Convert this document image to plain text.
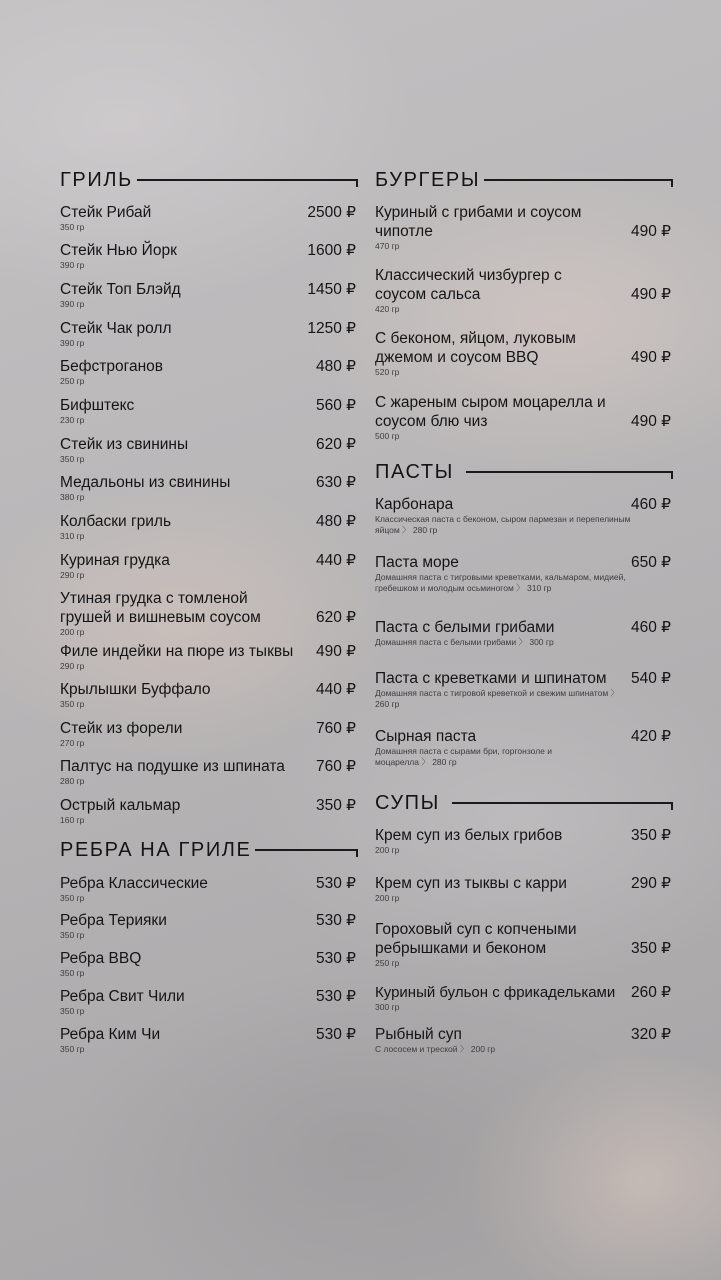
ГРИЛЬ
Стейк Рибай
350 гр
2500 ₽
Стейк Нью Йорк
390 гр
1600 ₽
Стейк Топ Блэйд
390 гр
1450 ₽
Стейк Чак ролл
390 гр
1250 ₽
Бефстроганов
250 гр
480 ₽
Бифштекс
230 гр
560 ₽
Стейк из свинины
350 гр
620 ₽
Медальоны из свинины
380 гр
630 ₽
Колбаски гриль
310 гр
480 ₽
Куриная грудка
290 гр
440 ₽
Утиная грудка с томленой грушей и вишневым соусом
200 гр
620 ₽
Филе индейки на пюре из тыквы
290 гр
490 ₽
Крылышки Буффало
350 гр
440 ₽
Стейк из форели
270 гр
760 ₽
Палтус на подушке из шпината
280 гр
760 ₽
Острый кальмар
160 гр
350 ₽
РЕБРА НА ГРИЛЕ
Ребра Классические
350 гр
530 ₽
Ребра Терияки
350 гр
530 ₽
Ребра BBQ
350 гр
530 ₽
Ребра Свит Чили
350 гр
530 ₽
Ребра Ким Чи
350 гр
530 ₽
БУРГЕРЫ
Куриный с грибами и соусом чипотле
470 гр
490 ₽
Классический чизбургер с соусом сальса
420 гр
490 ₽
С беконом, яйцом, луковым джемом и соусом BBQ
520 гр
490 ₽
С жареным сыром моцарелла и соусом блю чиз
500 гр
490 ₽
ПАСТЫ
Карбонара
Классическая паста с беконом, сыром пармезан и перепелиным яйцом 〉 280 гр
460 ₽
Паста море
Домашняя паста с тигровыми креветками, кальмаром, мидией, гребешком и молодым осьминогом 〉 310 гр
650 ₽
Паста с белыми грибами
Домашняя паста с белыми грибами 〉 300 гр
460 ₽
Паста с креветками и шпинатом
Домашняя паста с тигровой креветкой и свежим шпинатом 〉 260 гр
540 ₽
Сырная паста
Домашняя паста с сырами бри, горгонзоле и моцарелла 〉 280 гр
420 ₽
СУПЫ
Крем суп из белых грибов
200 гр
350 ₽
Крем суп из тыквы с карри
200 гр
290 ₽
Гороховый суп с копчеными ребрышками и беконом
250 гр
350 ₽
Куриный бульон с фрикадельками
300 гр
260 ₽
Рыбный суп
С лососем и треской 〉 200 гр
320 ₽
